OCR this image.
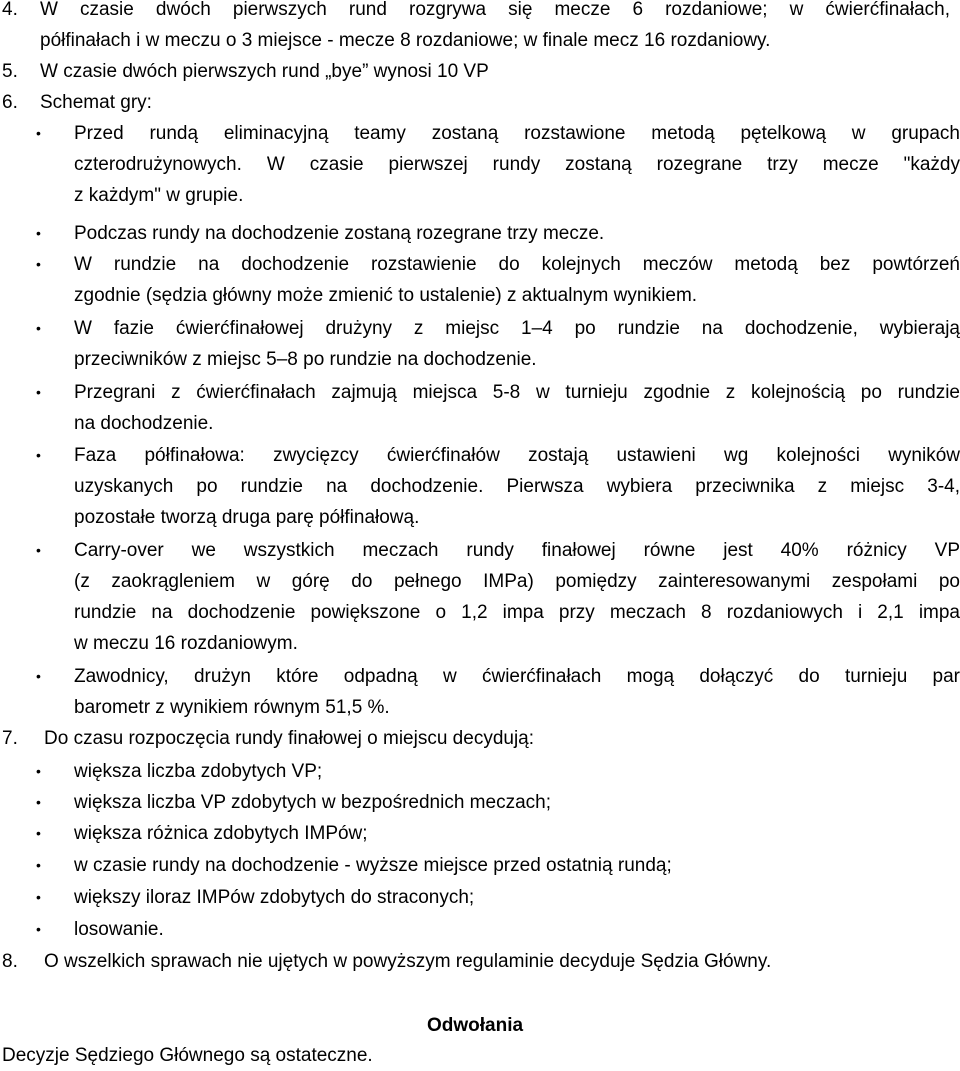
4. W czasie dwóch pierwszych rund rozgrywa się mecze 6 rozdaniowe; w ćwierćfinałach,
półfinałach i w meczu o 3 miejsce - mecze 8 rozdaniowe; w finale mecz 16 rozdaniowy.
5. W czasie dwóch pierwszych rund „bye” wynosi 10 VP
6. Schemat gry:
• Przed rundą eliminacyjną teamy zostaną rozstawione metodą pętelkową w grupach
czterodrużynowych. W czasie pierwszej rundy zostaną rozegrane trzy mecze "każdy
z każdym" w grupie.
• Podczas rundy na dochodzenie zostaną rozegrane trzy mecze.
• W rundzie na dochodzenie rozstawienie do kolejnych meczów metodą bez powtórzeń
zgodnie (sędzia główny może zmienić to ustalenie) z aktualnym wynikiem.
• W fazie ćwierćfinałowej drużyny z miejsc 1–4 po rundzie na dochodzenie, wybierają
przeciwników z miejsc 5–8 po rundzie na dochodzenie.
• Przegrani z ćwierćfinałach zajmują miejsca 5-8 w turnieju zgodnie z kolejnością po rundzie
na dochodzenie.
• Faza półfinałowa: zwycięzcy ćwierćfinałów zostają ustawieni wg kolejności wyników
uzyskanych po rundzie na dochodzenie. Pierwsza wybiera przeciwnika z miejsc 3-4,
pozostałe tworzą druga parę półfinałową.
• Carry-over we wszystkich meczach rundy finałowej równe jest 40% różnicy VP
(z zaokrągleniem w górę do pełnego IMPa) pomiędzy zainteresowanymi zespołami po
rundzie na dochodzenie powiększone o 1,2 impa przy meczach 8 rozdaniowych i 2,1 impa
w meczu 16 rozdaniowym.
• Zawodnicy, drużyn które odpadną w ćwierćfinałach mogą dołączyć do turnieju par
barometr z wynikiem równym 51,5 %.
7. Do czasu rozpoczęcia rundy finałowej o miejscu decydują:
• większa liczba zdobytych VP;
• większa liczba VP zdobytych w bezpośrednich meczach;
• większa różnica zdobytych IMPów;
• w czasie rundy na dochodzenie - wyższe miejsce przed ostatnią rundą;
• większy iloraz IMPów zdobytych do straconych;
• losowanie.
8. O wszelkich sprawach nie ujętych w powyższym regulaminie decyduje Sędzia Główny.
Odwołania
Decyzje Sędziego Głównego są ostateczne.
